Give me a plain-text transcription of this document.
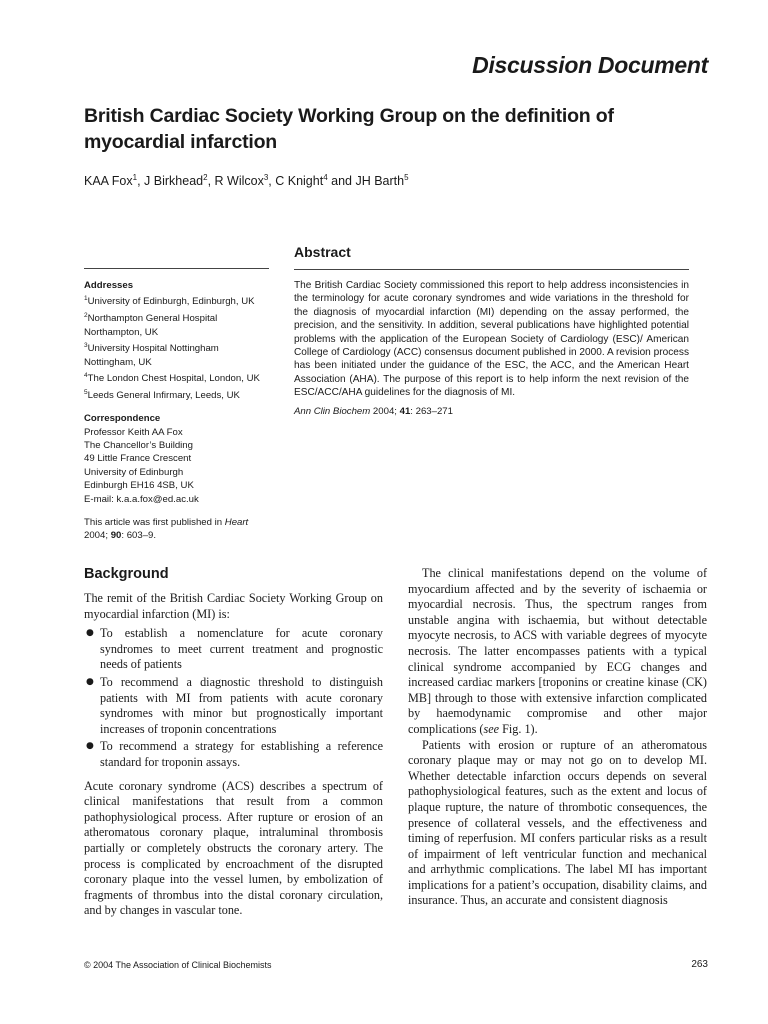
Discussion Document
British Cardiac Society Working Group on the definition of myocardial infarction
KAA Fox$^1$, J Birkhead$^2$, R Wilcox$^3$, C Knight$^4$ and JH Barth$^5$
Addresses
$^1$University of Edinburgh, Edinburgh, UK
$^2$Northampton General Hospital
Northampton, UK
$^3$University Hospital Nottingham
Nottingham, UK
$^4$The London Chest Hospital, London, UK
$^5$Leeds General Infirmary, Leeds, UK
Correspondence
Professor Keith AA Fox
The Chancellor’s Building
49 Little France Crescent
University of Edinburgh
Edinburgh EH16 4SB, UK
E-mail: k.a.a.fox@ed.ac.uk
This article was first published in Heart
2004; 90: 603–9.
Abstract
The British Cardiac Society commissioned this report to help address inconsistencies in the terminology for acute coronary syndromes and wide variations in the threshold for the diagnosis of myocardial infarction (MI) depending on the assay performed, the precision, and the sensitivity. In addition, several publications have highlighted potential problems with the application of the European Society of Cardiology (ESC)/ American College of Cardiology (ACC) consensus document published in 2000. A revision process has been initiated under the guidance of the ESC, the ACC, and the American Heart Association (AHA). The purpose of this report is to help inform the next revision of the ESC/ACC/AHA guidelines for the diagnosis of MI.
Ann Clin Biochem 2004; 41: 263–271
Background

The remit of the British Cardiac Society Working Group on myocardial infarction (MI) is:

● To establish a nomenclature for acute coronary syndromes to meet current treatment and prognostic needs of patients
● To recommend a diagnostic threshold to distinguish patients with MI from patients with acute coronary syndromes with minor but prognostically important increases of troponin concentrations
● To recommend a strategy for establishing a reference standard for troponin assays.

Acute coronary syndrome (ACS) describes a spectrum of clinical manifestations that result from a common pathophysiological process. After rupture or erosion of an atheromatous coronary plaque, intraluminal thrombosis partially or completely obstructs the coronary artery. The process is complicated by encroachment of the disrupted coronary plaque into the vessel lumen, by embolization of fragments of thrombus into the distal coronary circulation, and by changes in vascular tone.

The clinical manifestations depend on the volume of myocardium affected and by the severity of ischaemia or myocardial necrosis. Thus, the spectrum ranges from unstable angina with ischaemia, but without detectable myocyte necrosis, to ACS with variable degrees of myocyte necrosis. The latter encompasses patients with a typical clinical syndrome accompanied by ECG changes and increased cardiac markers [troponins or creatine kinase (CK) MB] through to those with extensive infarction complicated by haemodynamic compromise and other major complications (see Fig. 1).

Patients with erosion or rupture of an atheromatous coronary plaque may or may not go on to develop MI. Whether detectable infarction occurs depends on several pathophysiological features, such as the extent and locus of plaque rupture, the nature of thrombotic consequences, the presence of collateral vessels, and the effectiveness and timing of reperfusion. MI confers particular risks as a result of impairment of left ventricular function and mechanical and arrhythmic complications. The label MI has important implications for a patient’s occupation, disability claims, and insurance. Thus, an accurate and consistent diagnosis

© 2004 The Association of Clinical Biochemists	263
